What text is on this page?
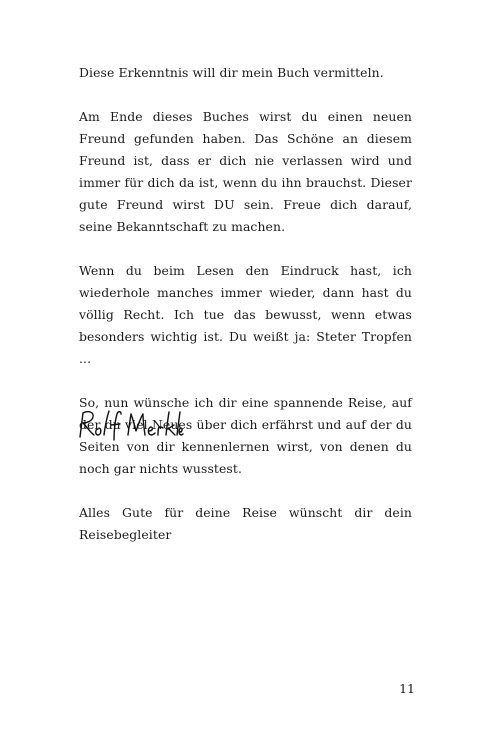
Diese Erkenntnis will dir mein Buch vermitteln.

Am Ende dieses Buches wirst du einen neuen Freund gefunden haben. Das Schöne an diesem Freund ist, dass er dich nie verlassen wird und immer für dich da ist, wenn du ihn brauchst. Dieser gute Freund wirst DU sein. Freue dich darauf, seine Bekanntschaft zu machen.

Wenn du beim Lesen den Eindruck hast, ich wiederhole manches immer wieder, dann hast du völlig Recht. Ich tue das bewusst, wenn etwas besonders wichtig ist. Du weißt ja: Steter Tropfen ...

So, nun wünsche ich dir eine spannende Reise, auf der du viel Neues über dich erfährst und auf der du Seiten von dir kennenlernen wirst, von denen du noch gar nichts wusstest.

Alles Gute für deine Reise wünscht dir dein Reisebegleiter

11
